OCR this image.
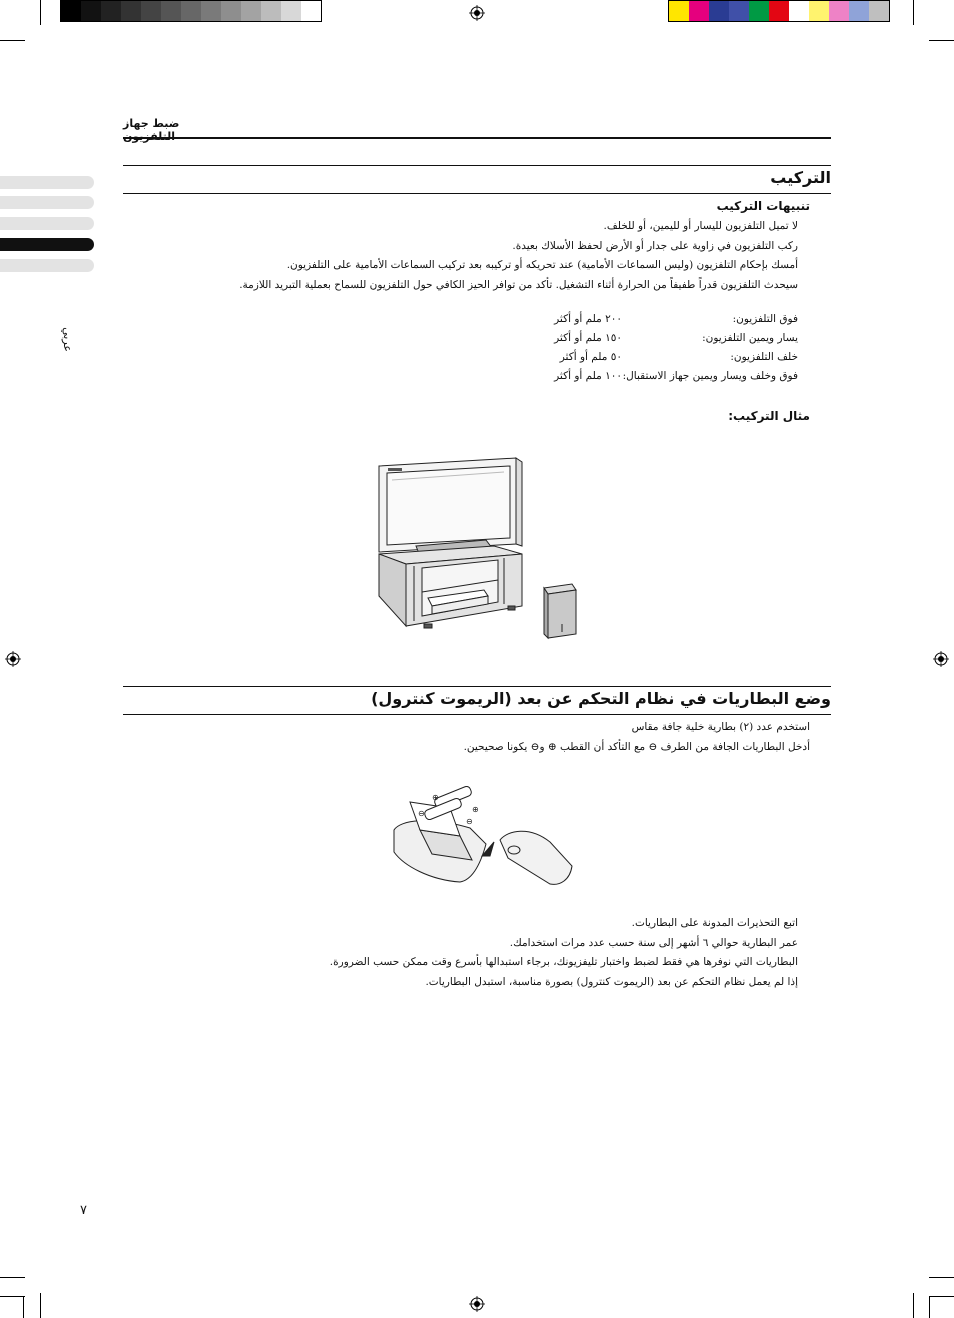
عربي
ضبط جهاز
التركيب
تنبيهات التركيب
لا تميل التلفزيون لليسار أو لليمين، أو للخلف.
ركب التلفزيون في زاوية على جدار أو الأرض لحفظ الأسلاك بعيدة.
أمسك بإحكام التلفزيون (وليس السماعات الأمامية) عند تحريكه أو تركيبه بعد تركيب السماعات الأمامية على التلفزيون.
سيحدث التلفزيون قدراً طفيفاً من الحرارة أثناء التشغيل. تأكد من توافر الحيز الكافي حول التلفزيون للسماح بعملية التبريد اللازمة.
فوق التلفزيون:
٢٠٠ ملم أو أكثر
يسار ويمين التلفزيون:
١٥٠ ملم أو أكثر
خلف التلفزيون:
٥٠ ملم أو أكثر
فوق وخلف ويسار ويمين جهاز الاستقبال:
١٠٠ ملم أو أكثر
مثال التركيب:
وضع البطاريات في نظام التحكم عن بعد (الريموت كنترول)
استخدم عدد (٢) بطارية خلية جافة مقاس
أدخل البطاريات الجافة من الطرف ⊖ مع التأكد أن القطب ⊕ و⊖ يكونا صحيحين.
⊕
⊕
⊖
⊖
اتبع التحذيرات المدونة على البطاريات.
عمر البطارية حوالي ٦ أشهر إلى سنة حسب عدد مرات استخدامك.
البطاريات التي نوفرها هي فقط لضبط واختبار تليفزيونك، برجاء استبدالها بأسرع وقت ممكن حسب الضرورة.
إذا لم يعمل نظام التحكم عن بعد (الريموت كنترول) بصورة مناسبة، استبدل البطاريات.
٧
